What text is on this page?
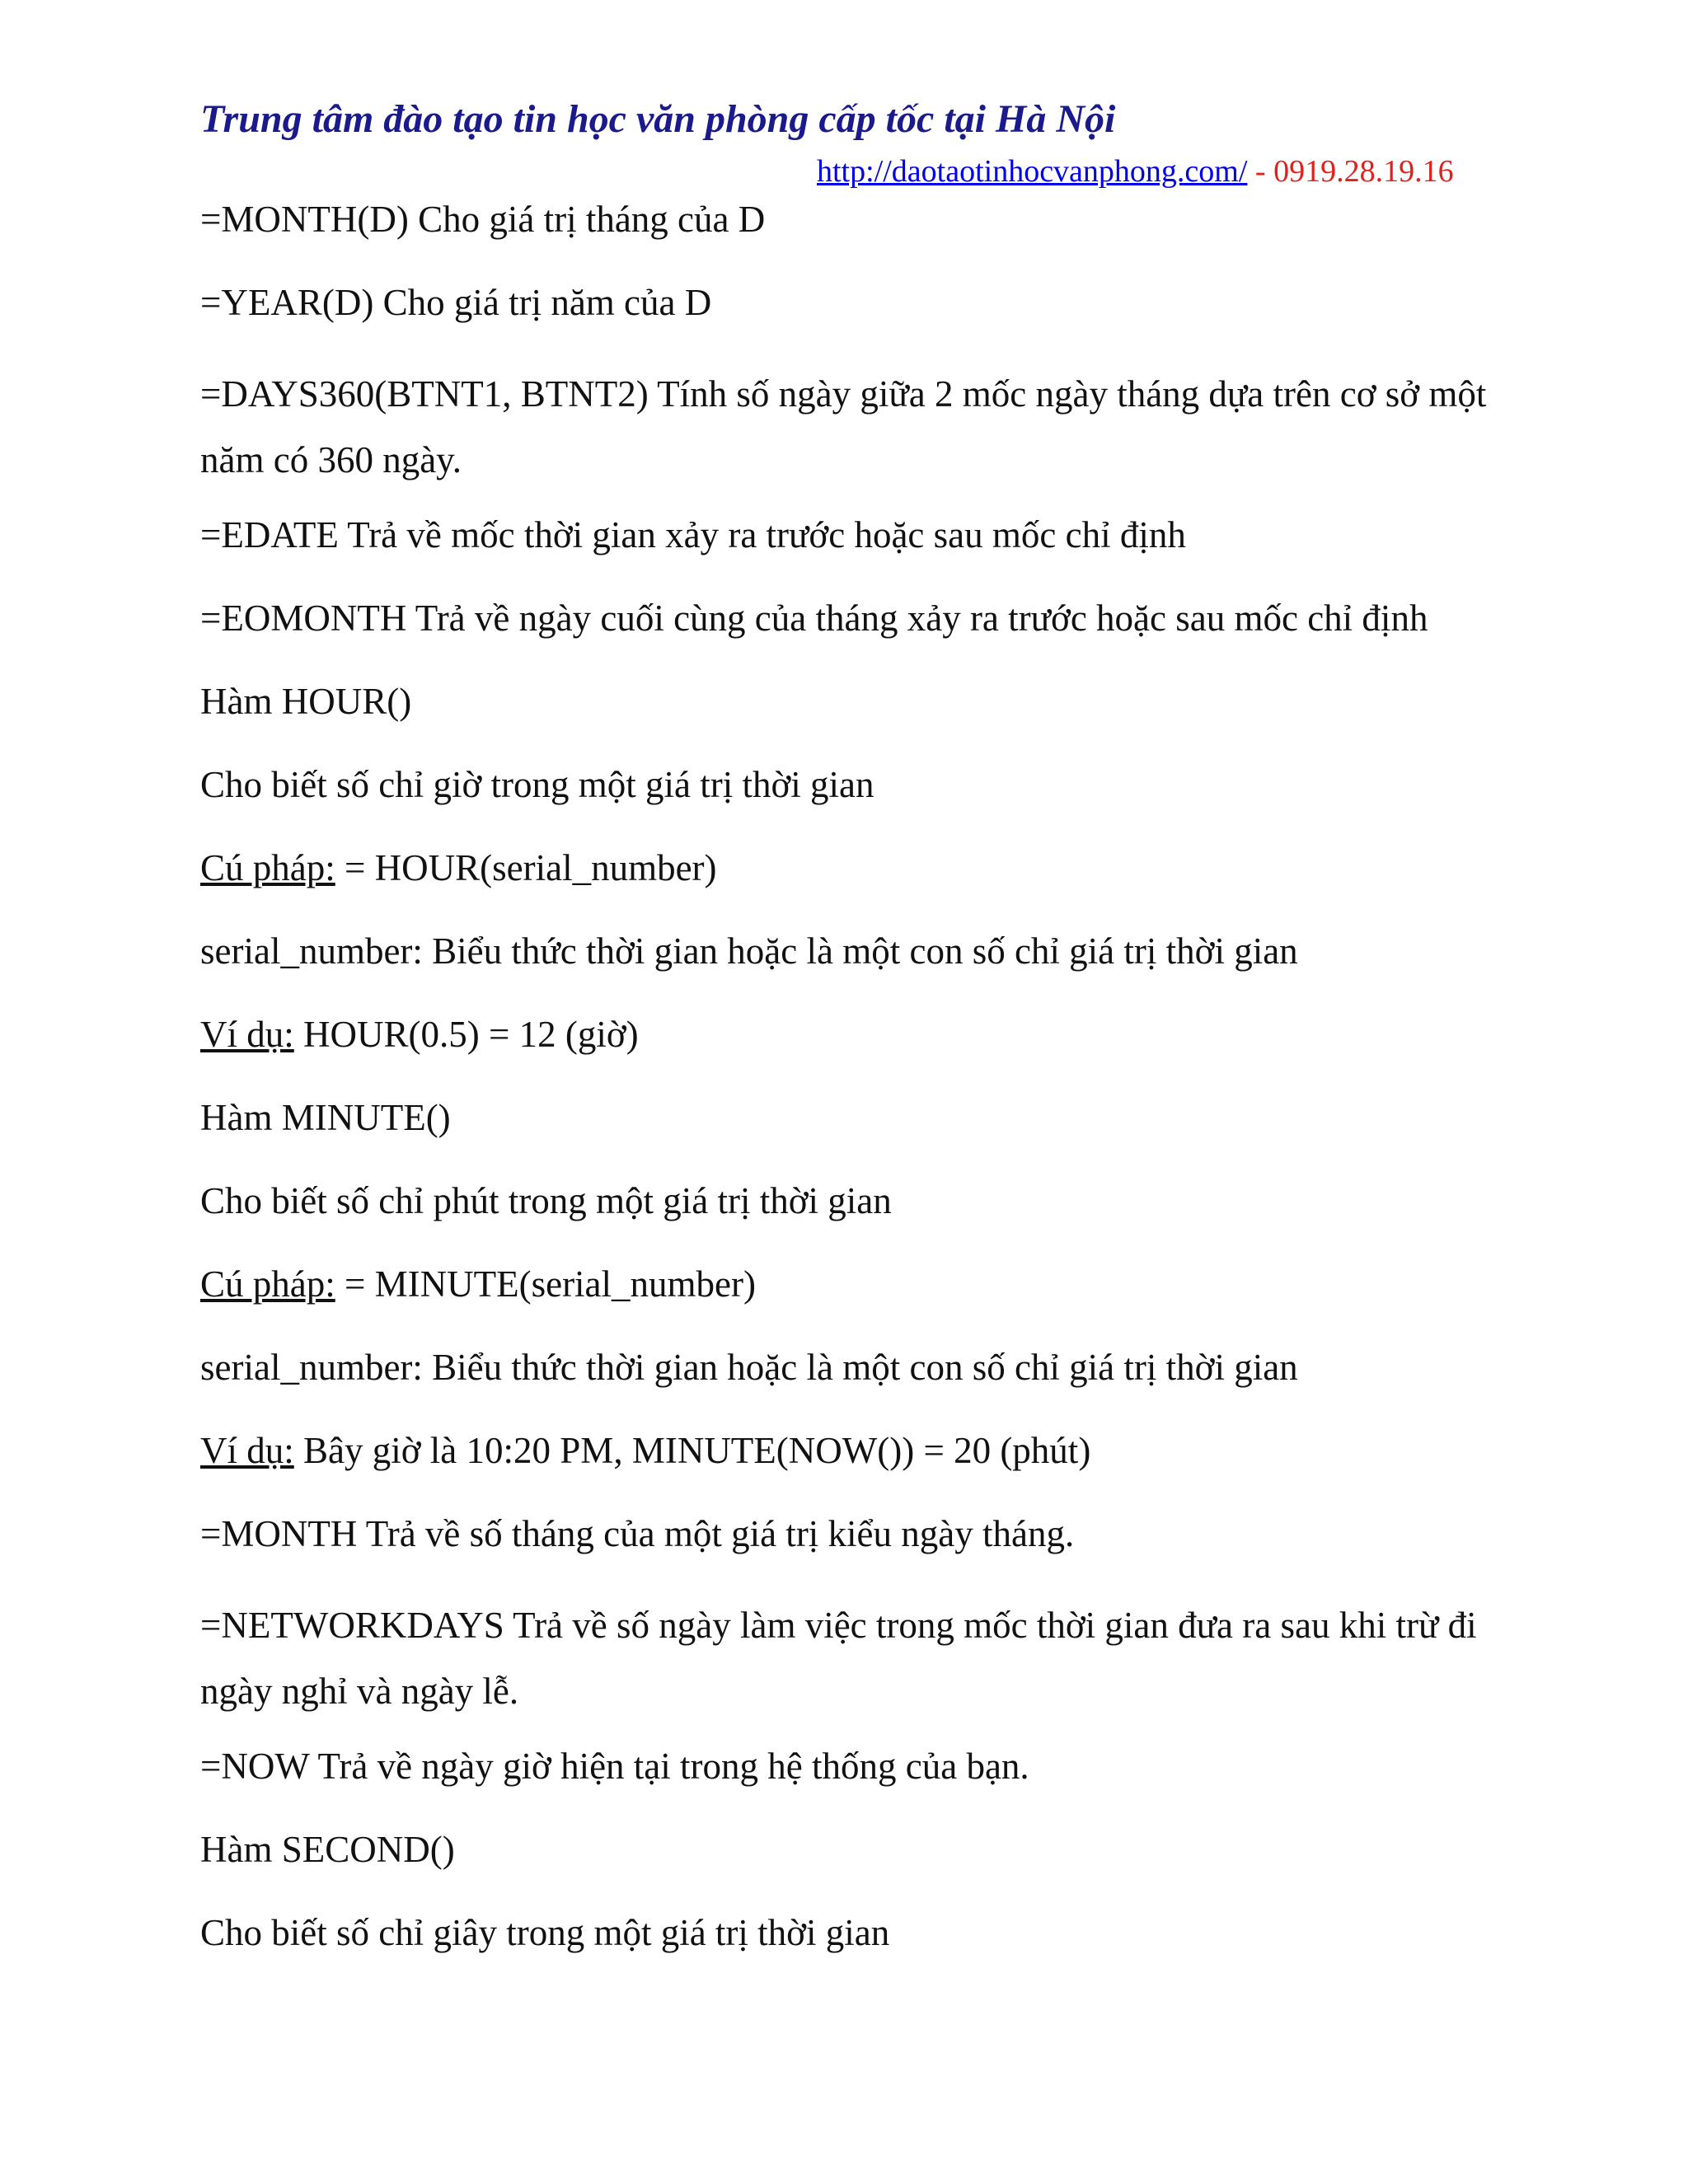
Trung tâm đào tạo tin học văn phòng cấp tốc tại Hà Nội
http://daotaotinhocvanphong.com/ - 0919.28.19.16

=MONTH(D) Cho giá trị tháng của D

=YEAR(D) Cho giá trị năm của D

=DAYS360(BTNT1, BTNT2) Tính số ngày giữa 2 mốc ngày tháng dựa trên cơ sở một năm có 360 ngày.

=EDATE Trả về mốc thời gian xảy ra trước hoặc sau mốc chỉ định

=EOMONTH Trả về ngày cuối cùng của tháng xảy ra trước hoặc sau mốc chỉ định

Hàm HOUR()

Cho biết số chỉ giờ trong một giá trị thời gian

Cú pháp: = HOUR(serial_number)

serial_number: Biểu thức thời gian hoặc là một con số chỉ giá trị thời gian

Ví dụ: HOUR(0.5) = 12 (giờ)

Hàm MINUTE()

Cho biết số chỉ phút trong một giá trị thời gian

Cú pháp: = MINUTE(serial_number)

serial_number: Biểu thức thời gian hoặc là một con số chỉ giá trị thời gian

Ví dụ: Bây giờ là 10:20 PM, MINUTE(NOW()) = 20 (phút)

=MONTH Trả về số tháng của một giá trị kiểu ngày tháng.

=NETWORKDAYS Trả về số ngày làm việc trong mốc thời gian đưa ra sau khi trừ đi ngày nghỉ và ngày lễ.

=NOW Trả về ngày giờ hiện tại trong hệ thống của bạn.

Hàm SECOND()

Cho biết số chỉ giây trong một giá trị thời gian
